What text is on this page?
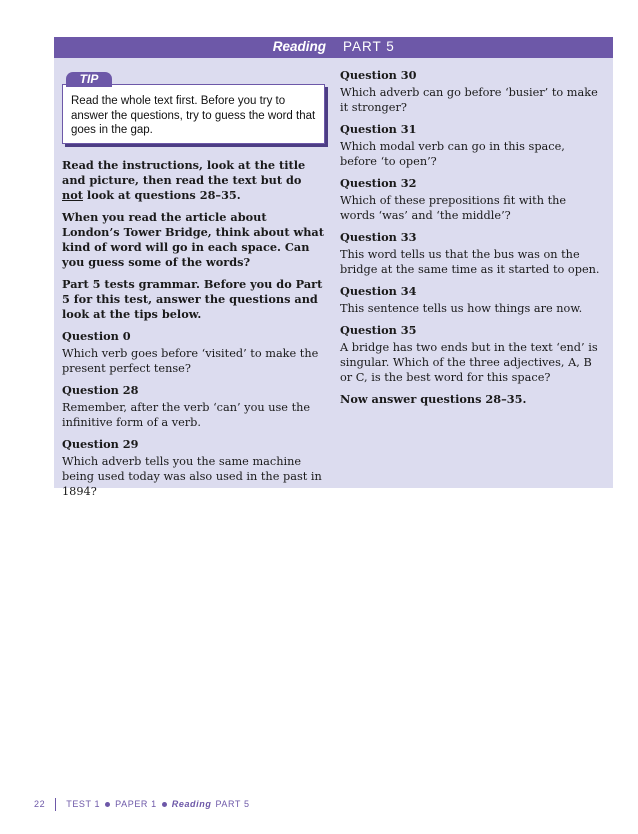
Reading PART 5
TIP
Read the whole text first. Before you try to answer the questions, try to guess the word that goes in the gap.

Read the instructions, look at the title and picture, then read the text but do not look at questions 28–35.

When you read the article about London’s Tower Bridge, think about what kind of word will go in each space. Can you guess some of the words?

Part 5 tests grammar. Before you do Part 5 for this test, answer the questions and look at the tips below.

Question 0

Which verb goes before ‘visited’ to make the present perfect tense?

Question 28

Remember, after the verb ‘can’ you use the infinitive form of a verb.

Question 29

Which adverb tells you the same machine being used today was also used in the past in 1894?

Question 30

Which adverb can go before ‘busier’ to make it stronger?

Question 31

Which modal verb can go in this space, before ‘to open’?

Question 32

Which of these prepositions fit with the words ‘was’ and ‘the middle’?

Question 33

This word tells us that the bus was on the bridge at the same time as it started to open.

Question 34

This sentence tells us how things are now.

Question 35

A bridge has two ends but in the text ‘end’ is singular. Which of the three adjectives, A, B or C, is the best word for this space?

Now answer questions 28–35.

22 TEST 1 PAPER 1 Reading PART 5
